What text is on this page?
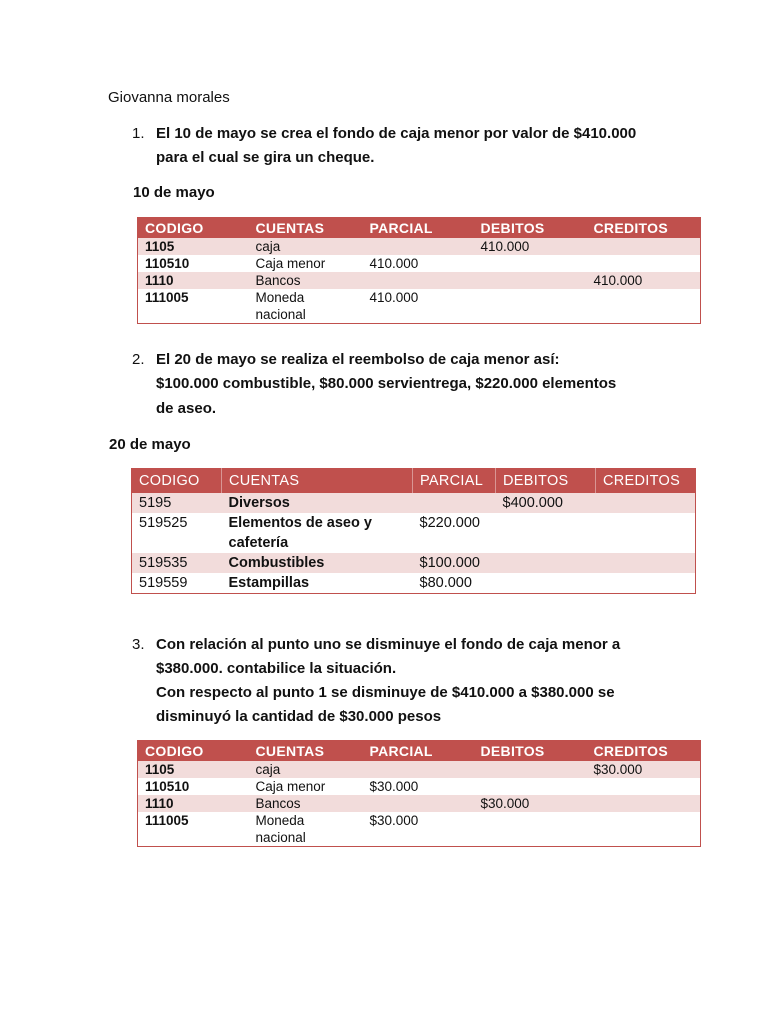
Giovanna morales
1. El 10 de mayo se crea el fondo de caja menor por valor de $410.000
para el cual se gira un cheque.
10 de mayo
CODIGO	CUENTAS	PARCIAL	DEBITOS	CREDITOS
1105	caja		410.000	
110510	Caja menor	410.000		
1110	Bancos			410.000
111005	Moneda nacional	410.000		
2. El 20 de mayo se realiza el reembolso de caja menor así:
$100.000 combustible, $80.000 servientrega, $220.000 elementos
de aseo.
20 de mayo
CODIGO	CUENTAS	PARCIAL	DEBITOS	CREDITOS
5195	Diversos		$400.000	
519525	Elementos de aseo y cafetería	$220.000		
519535	Combustibles	$100.000		
519559	Estampillas	$80.000		
3. Con relación al punto uno se disminuye el fondo de caja menor a
$380.000. contabilice la situación.
Con respecto al punto 1 se disminuye de $410.000 a $380.000 se
disminuyó la cantidad de $30.000 pesos
CODIGO	CUENTAS	PARCIAL	DEBITOS	CREDITOS
1105	caja			$30.000
110510	Caja menor	$30.000		
1110	Bancos		$30.000	
111005	Moneda nacional	$30.000		
